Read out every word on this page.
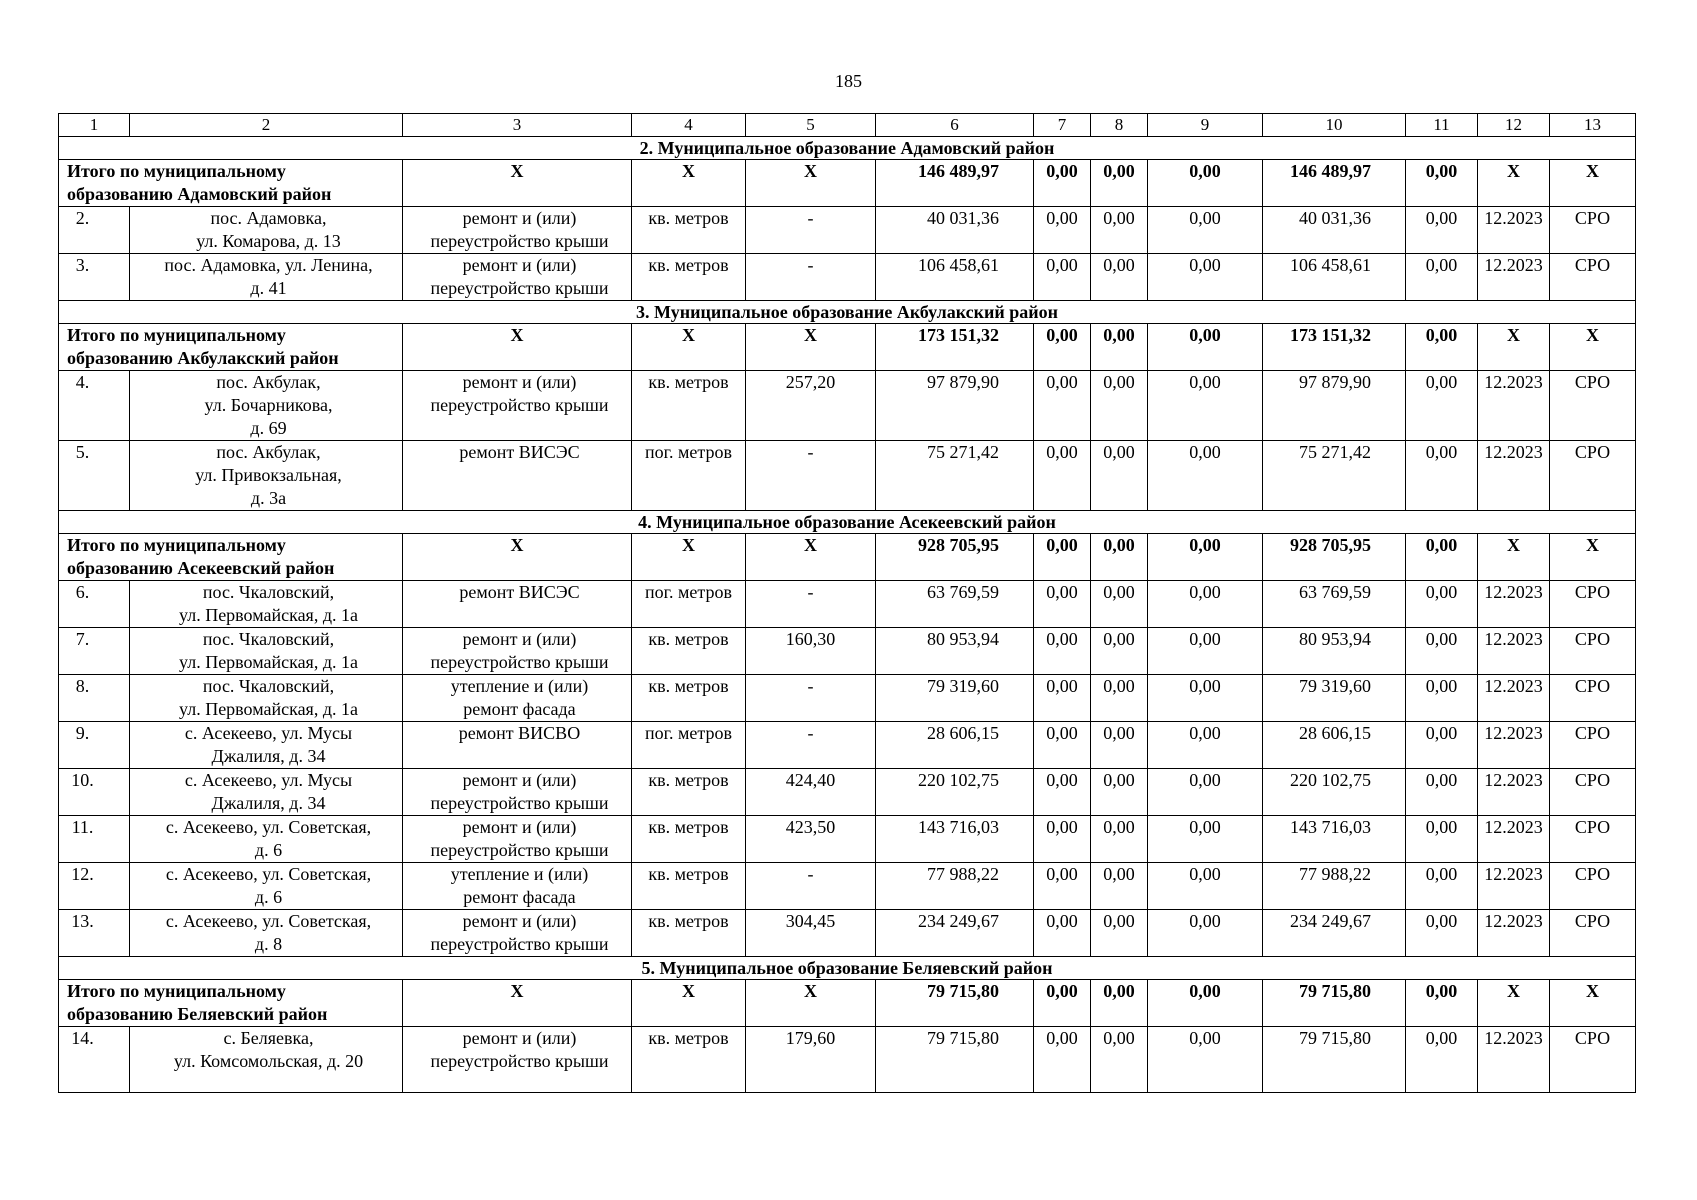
185
1	2	3	4	5	6	7	8	9	10	11	12	13
2. Муниципальное образование Адамовский район												

Итого по муниципальному
образованию Адамовский район		X	X	X	146 489,97	0,00	0,00	0,00	146 489,97	0,00	X	X
2.	пос. Адамовка,
ул. Комарова, д. 13	ремонт и (или)
переустройство крыши	кв. метров	-	40 031,36	0,00	0,00	0,00	40 031,36	0,00	12.2023	СРО
3.	пос. Адамовка, ул. Ленина,
д. 41	ремонт и (или)
переустройство крыши	кв. метров	-	106 458,61	0,00	0,00	0,00	106 458,61	0,00	12.2023	СРО
3. Муниципальное образование Акбулакский район												

Итого по муниципальному
образованию Акбулакский район		X	X	X	173 151,32	0,00	0,00	0,00	173 151,32	0,00	X	X
4.	пос. Акбулак,
ул. Бочарникова,
д. 69	ремонт и (или)
переустройство крыши	кв. метров	257,20	97 879,90	0,00	0,00	0,00	97 879,90	0,00	12.2023	СРО
5.	пос. Акбулак,
ул. Привокзальная,
д. 3а	ремонт ВИСЭС	пог. метров	-	75 271,42	0,00	0,00	0,00	75 271,42	0,00	12.2023	СРО
4. Муниципальное образование Асекеевский район												

Итого по муниципальному
образованию Асекеевский район		X	X	X	928 705,95	0,00	0,00	0,00	928 705,95	0,00	X	X
6.	пос. Чкаловский,
ул. Первомайская, д. 1а	ремонт ВИСЭС	пог. метров	-	63 769,59	0,00	0,00	0,00	63 769,59	0,00	12.2023	СРО
7.	пос. Чкаловский,
ул. Первомайская, д. 1а	ремонт и (или)
переустройство крыши	кв. метров	160,30	80 953,94	0,00	0,00	0,00	80 953,94	0,00	12.2023	СРО
8.	пос. Чкаловский,
ул. Первомайская, д. 1а	утепление и (или)
ремонт фасада	кв. метров	-	79 319,60	0,00	0,00	0,00	79 319,60	0,00	12.2023	СРО
9.	с. Асекеево, ул. Мусы
Джалиля, д. 34	ремонт ВИСВО	пог. метров	-	28 606,15	0,00	0,00	0,00	28 606,15	0,00	12.2023	СРО
10.	с. Асекеево, ул. Мусы
Джалиля, д. 34	ремонт и (или)
переустройство крыши	кв. метров	424,40	220 102,75	0,00	0,00	0,00	220 102,75	0,00	12.2023	СРО
11.	с. Асекеево, ул. Советская,
д. 6	ремонт и (или)
переустройство крыши	кв. метров	423,50	143 716,03	0,00	0,00	0,00	143 716,03	0,00	12.2023	СРО
12.	с. Асекеево, ул. Советская,
д. 6	утепление и (или)
ремонт фасада	кв. метров	-	77 988,22	0,00	0,00	0,00	77 988,22	0,00	12.2023	СРО
13.	с. Асекеево, ул. Советская,
д. 8	ремонт и (или)
переустройство крыши	кв. метров	304,45	234 249,67	0,00	0,00	0,00	234 249,67	0,00	12.2023	СРО
5. Муниципальное образование Беляевский район												

Итого по муниципальному
образованию Беляевский район		X	X	X	79 715,80	0,00	0,00	0,00	79 715,80	0,00	X	X
14.	с. Беляевка,
ул. Комсомольская, д. 20	ремонт и (или)
переустройство крыши	кв. метров	179,60	79 715,80	0,00	0,00	0,00	79 715,80	0,00	12.2023	СРО
